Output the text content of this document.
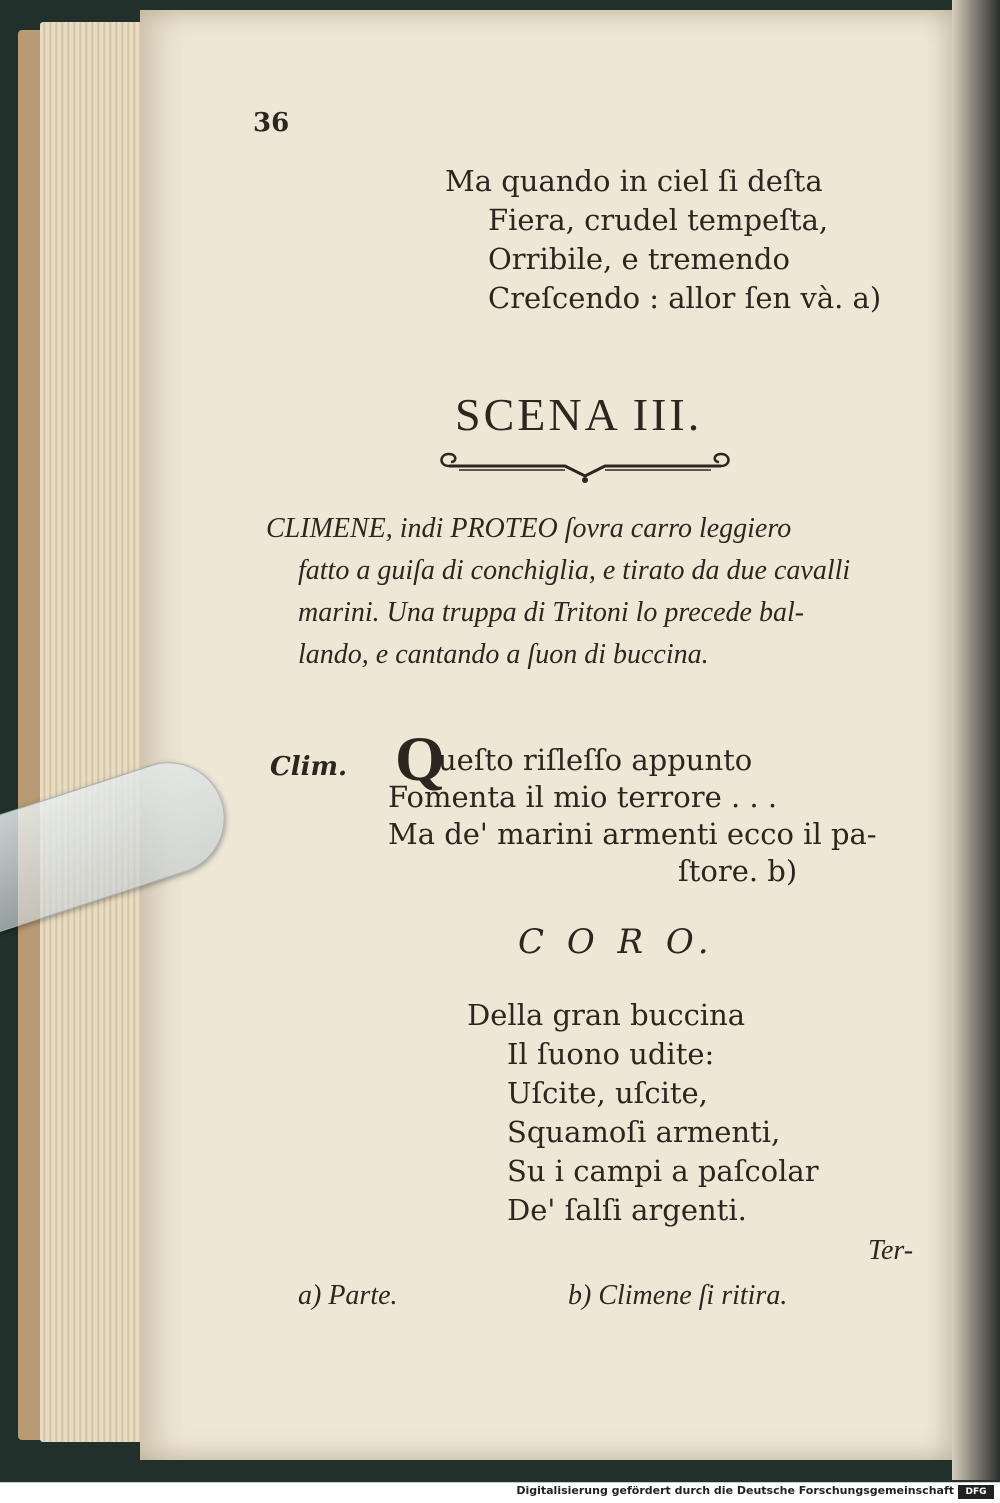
36
Ma quando in ciel ſi deſta
Fiera, crudel tempeſta,
Orribile, e tremendo
Creſcendo : allor ſen và. a)
SCENA III.
CLIMENE, indi PROTEO ſovra carro leggiero
fatto a guiſa di conchiglia, e tirato da due cavalli
marini. Una truppa di Tritoni lo precede bal-
lando, e cantando a ſuon di buccina.
Clim. Q
ueſto riſleſſo appunto
Fomenta il mio terrore . . .
Ma de' marini armenti ecco il pa-
ſtore. b)
C O R O.
Della gran buccina
Il ſuono udite:
Uſcite, uſcite,
Squamoſi armenti,
Su i campi a paſcolar
De' ſalſi argenti.
Ter-
a) Parte.	b) Climene ſi ritira.
Digitalisierung gefördert durch die Deutsche Forschungsgemeinschaft	DFG
